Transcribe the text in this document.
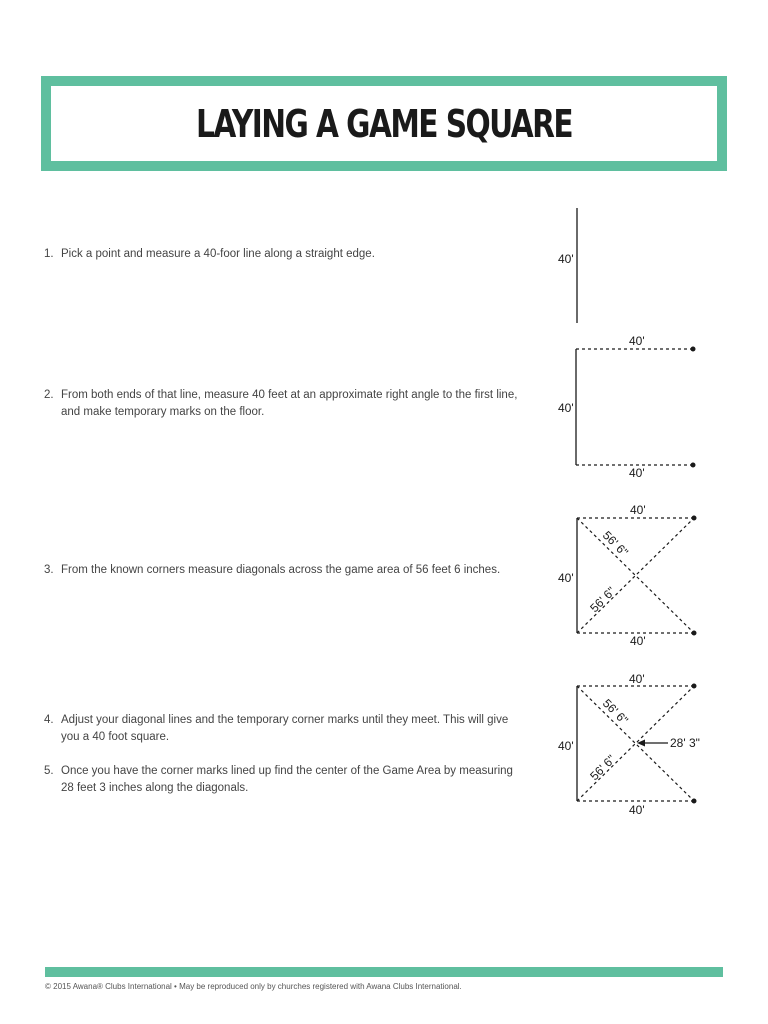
LAYING A GAME SQUARE
1. Pick a point and measure a 40-foor line along a straight edge.
2. From both ends of that line, measure 40 feet at an approximate right angle to the first line, and make temporary marks on the floor.
3. From the known corners measure diagonals across the game area of 56 feet 6 inches.
4. Adjust your diagonal lines and the temporary corner marks until they meet. This will give you a 40 foot square.
5. Once you have the corner marks lined up find the center of the Game Area by measuring 28 feet 3 inches along the diagonals.
40'
40'
40'
40'
40'
40'
40'
56' 6"
56' 6"
40'
40'
40'
28' 3"
56' 6"
56' 6"
© 2015 Awana® Clubs International • May be reproduced only by churches registered with Awana Clubs International.
